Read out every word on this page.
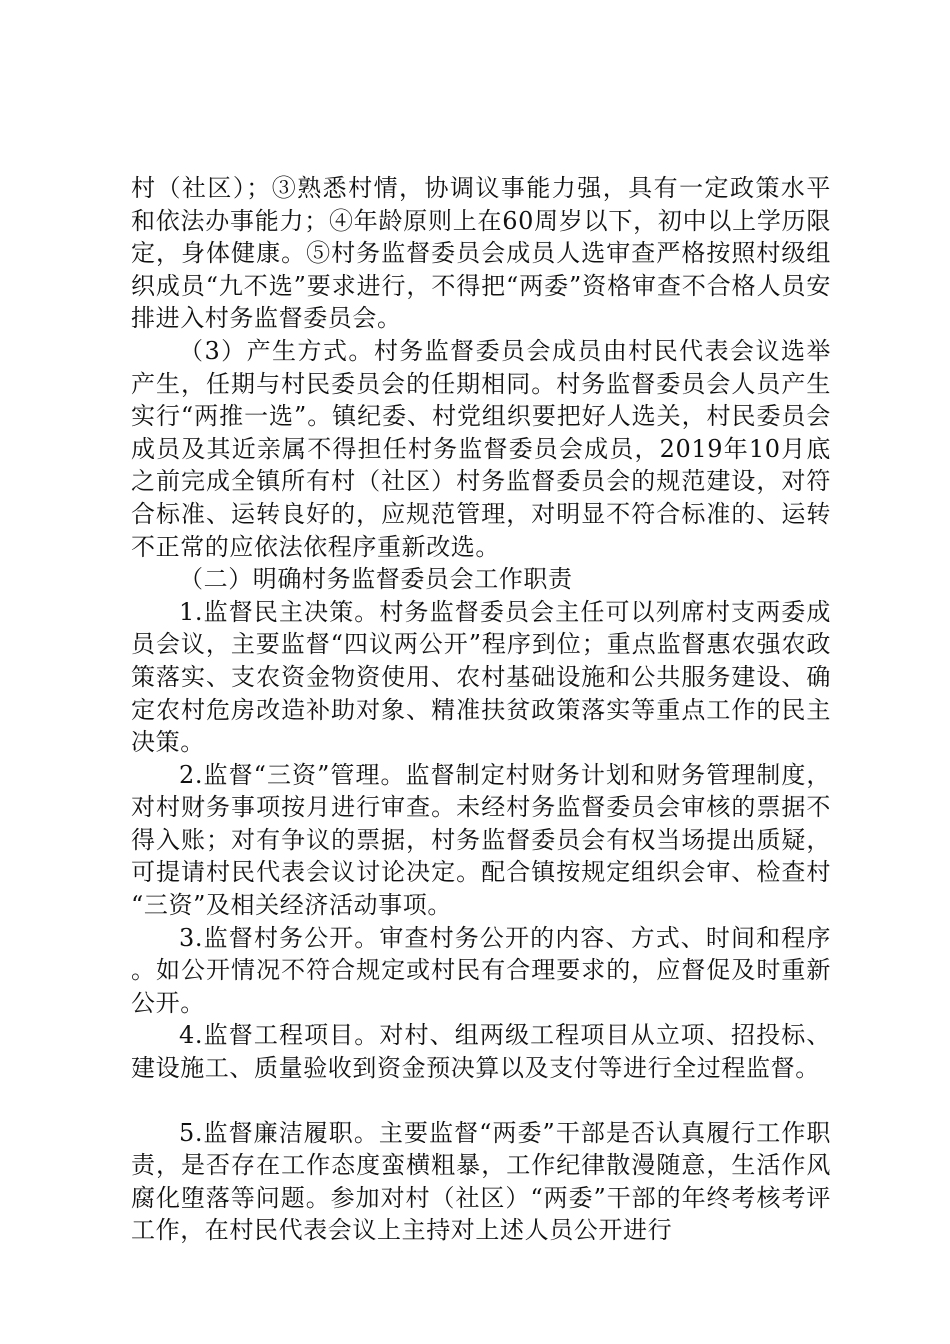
村（社区）；③熟悉村情，协调议事能力强，具有一定政策水平和依法办事能力；④年龄原则上在60周岁以下，初中以上学历限定，身体健康。⑤村务监督委员会成员人选审查严格按照村级组织成员“九不选”要求进行，不得把“两委”资格审查不合格人员安排进入村务监督委员会。

（3）产生方式。村务监督委员会成员由村民代表会议选举产生，任期与村民委员会的任期相同。村务监督委员会人员产生实行“两推一选”。镇纪委、村党组织要把好人选关，村民委员会成员及其近亲属不得担任村务监督委员会成员，2019年10月底之前完成全镇所有村（社区）村务监督委员会的规范建设，对符合标准、运转良好的，应规范管理，对明显不符合标准的、运转不正常的应依法依程序重新改选。

（二）明确村务监督委员会工作职责

1.监督民主决策。村务监督委员会主任可以列席村支两委成员会议，主要监督“四议两公开”程序到位；重点监督惠农强农政策落实、支农资金物资使用、农村基础设施和公共服务建设、确定农村危房改造补助对象、精准扶贫政策落实等重点工作的民主决策。

2.监督“三资”管理。监督制定村财务计划和财务管理制度，对村财务事项按月进行审查。未经村务监督委员会审核的票据不得入账；对有争议的票据，村务监督委员会有权当场提出质疑，可提请村民代表会议讨论决定。配合镇按规定组织会审、检查村“三资”及相关经济活动事项。

3.监督村务公开。审查村务公开的内容、方式、时间和程序。如公开情况不符合规定或村民有合理要求的，应督促及时重新公开。

4.监督工程项目。对村、组两级工程项目从立项、招投标、建设施工、质量验收到资金预决算以及支付等进行全过程监督。

5.监督廉洁履职。主要监督“两委”干部是否认真履行工作职责，是否存在工作态度蛮横粗暴，工作纪律散漫随意，生活作风腐化堕落等问题。参加对村（社区）“两委”干部的年终考核考评工作，在村民代表会议上主持对上述人员公开进行
